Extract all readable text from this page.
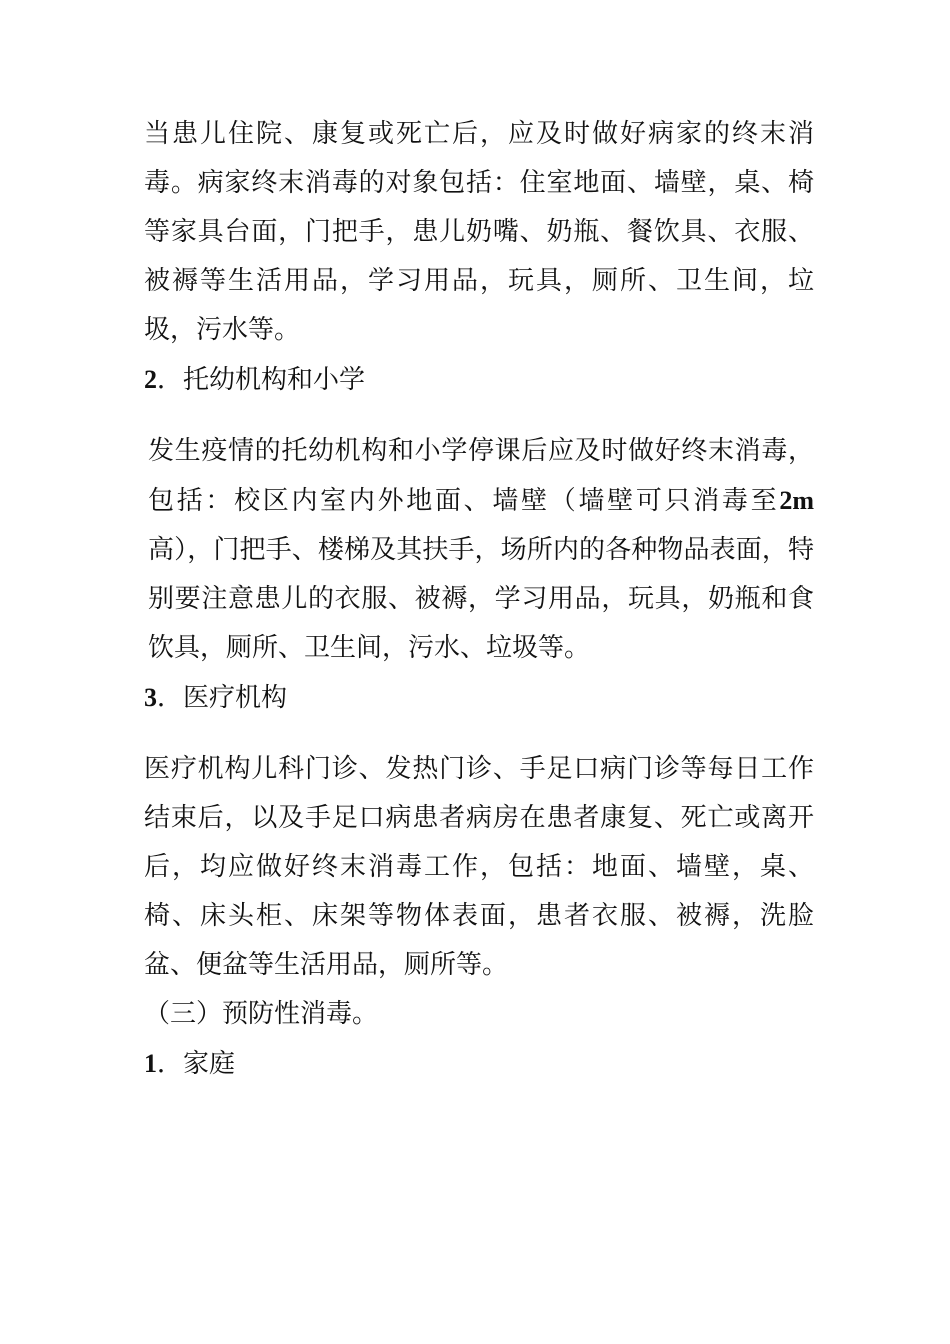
当患儿住院、康复或死亡后，应及时做好病家的终末消毒。病家终末消毒的对象包括：住室地面、墙壁，桌、椅等家具台面，门把手，患儿奶嘴、奶瓶、餐饮具、衣服、被褥等生活用品，学习用品，玩具，厕所、卫生间，垃圾，污水等。

2．托幼机构和小学

发生疫情的托幼机构和小学停课后应及时做好终末消毒，包括：校区内室内外地面、墙壁（墙壁可只消毒至2m高），门把手、楼梯及其扶手，场所内的各种物品表面，特别要注意患儿的衣服、被褥，学习用品，玩具，奶瓶和食饮具，厕所、卫生间，污水、垃圾等。

3．医疗机构

医疗机构儿科门诊、发热门诊、手足口病门诊等每日工作结束后，以及手足口病患者病房在患者康复、死亡或离开后，均应做好终末消毒工作，包括：地面、墙壁，桌、椅、床头柜、床架等物体表面，患者衣服、被褥，洗脸盆、便盆等生活用品，厕所等。

（三）预防性消毒。

1．家庭
